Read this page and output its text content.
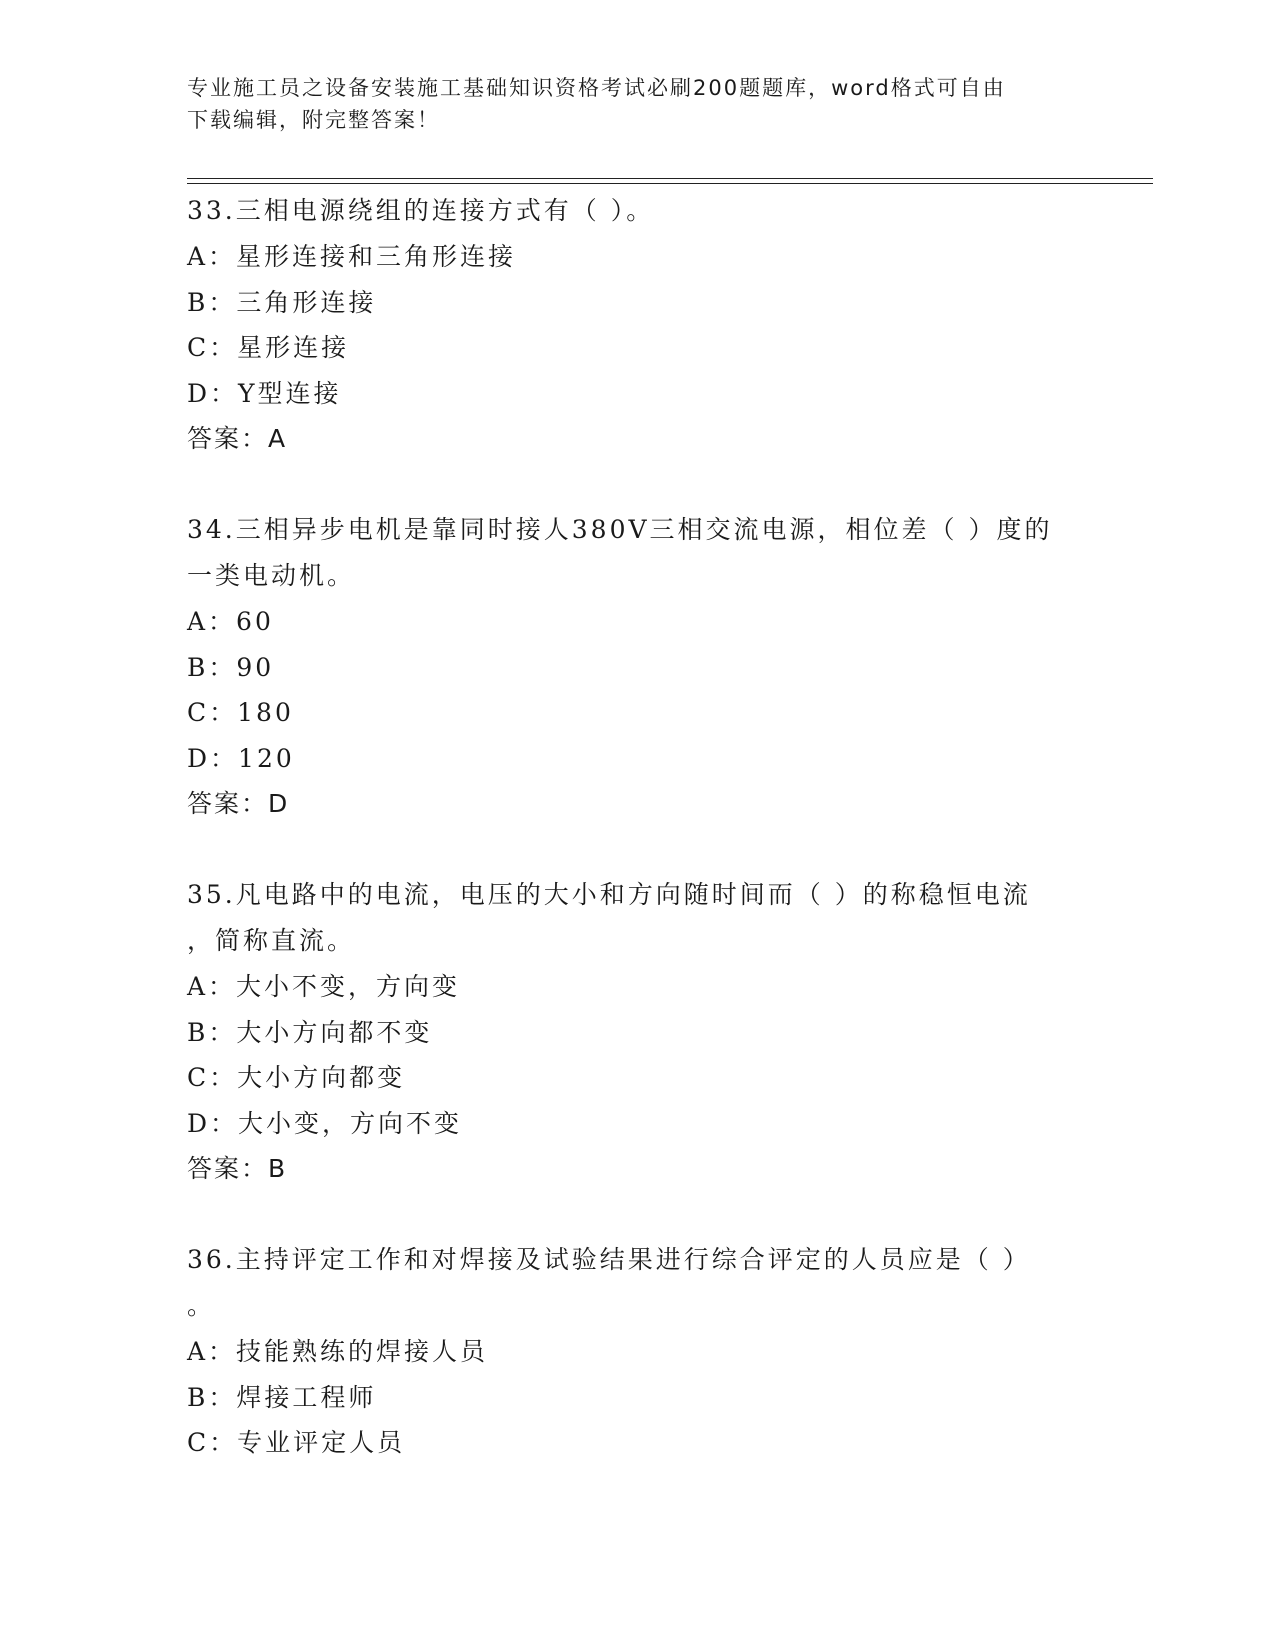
专业施工员之设备安装施工基础知识资格考试必刷200题题库，word格式可自由
下载编辑，附完整答案！
33.三相电源绕组的连接方式有（ ）。
A：星形连接和三角形连接
B：三角形连接
C：星形连接
D：Y型连接
答案：A
34.三相异步电机是靠同时接人380V三相交流电源，相位差（ ）度的
一类电动机。
A：60
B：90
C：180
D：120
答案：D
35.凡电路中的电流，电压的大小和方向随时间而（ ）的称稳恒电流
，简称直流。
A：大小不变，方向变
B：大小方向都不变
C：大小方向都变
D：大小变，方向不变
答案：B
36.主持评定工作和对焊接及试验结果进行综合评定的人员应是（ ）
。
A：技能熟练的焊接人员
B：焊接工程师
C：专业评定人员
